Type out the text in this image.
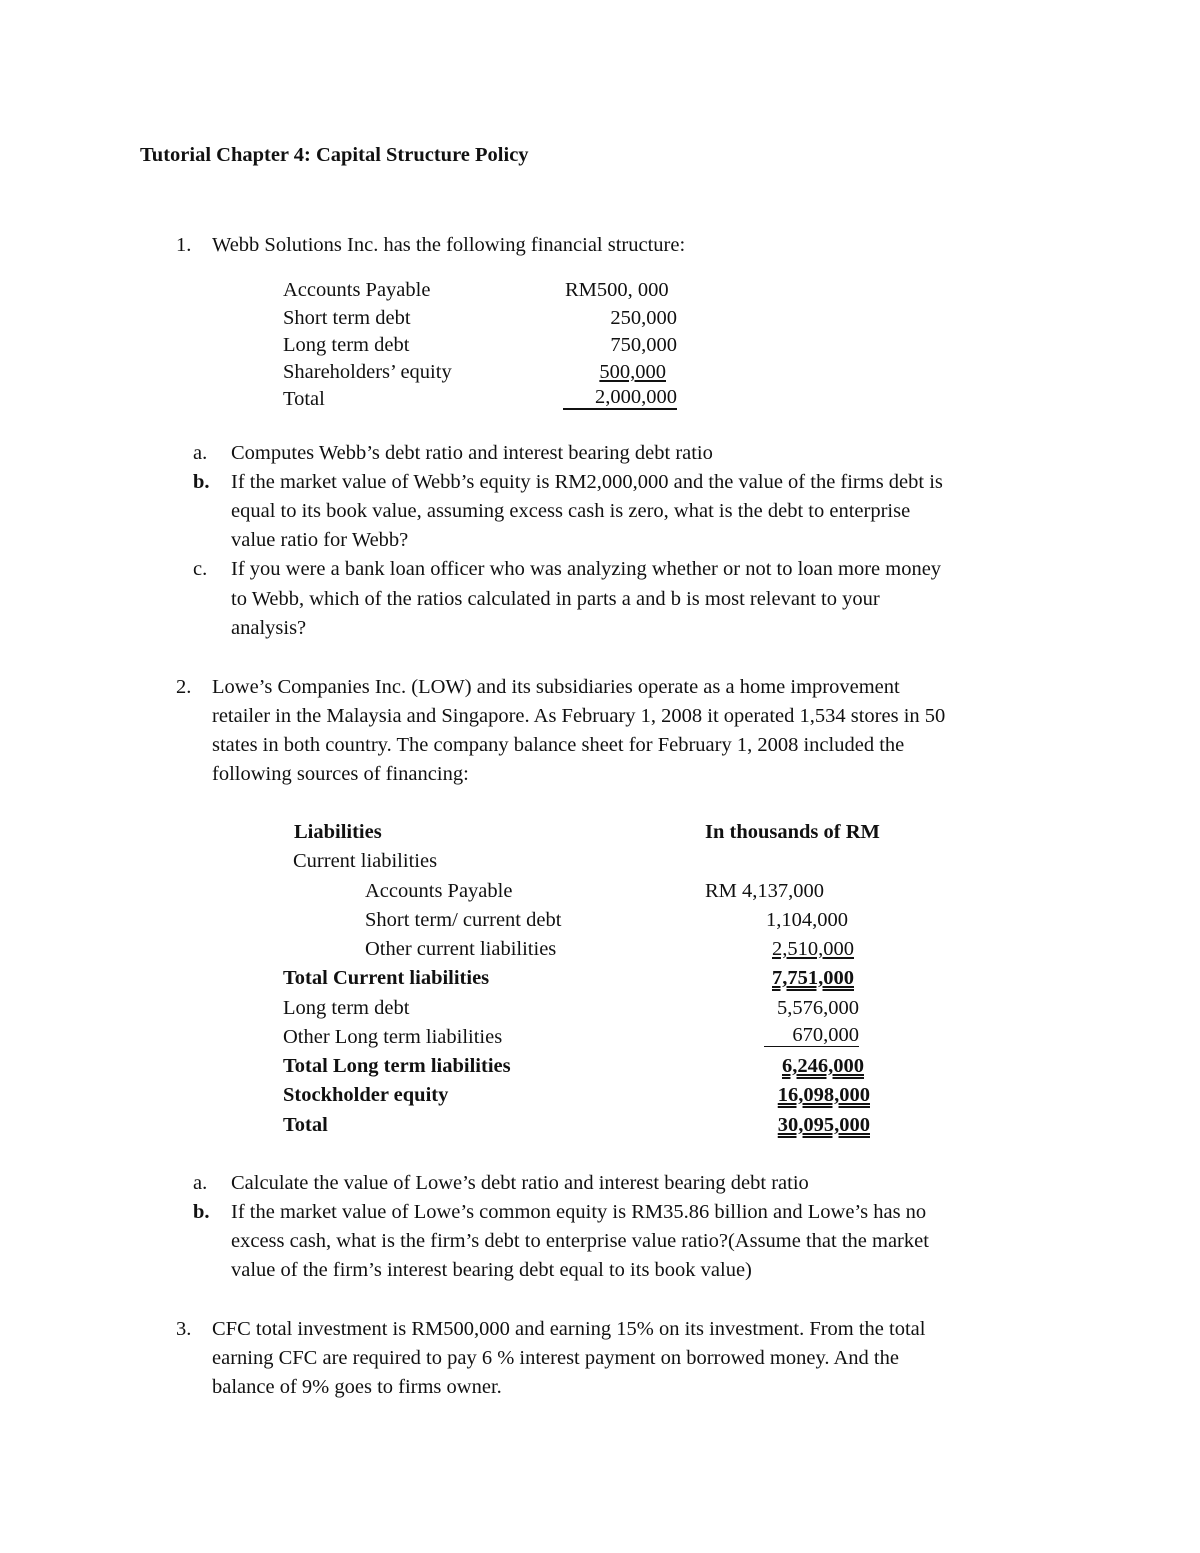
Tutorial Chapter 4: Capital Structure Policy
1. Webb Solutions Inc. has the following financial structure:
Accounts Payable	RM500, 000
Short term debt	250,000
Long term debt	750,000
Shareholders’ equity	500,000
Total	2,000,000
a. Computes Webb’s debt ratio and interest bearing debt ratio
b. If the market value of Webb’s equity is RM2,000,000 and the value of the firms debt is
equal to its book value, assuming excess cash is zero, what is the debt to enterprise
value ratio for Webb?
c. If you were a bank loan officer who was analyzing whether or not to loan more money
to Webb, which of the ratios calculated in parts a and b is most relevant to your
analysis?
2. Lowe’s Companies Inc. (LOW) and its subsidiaries operate as a home improvement
retailer in the Malaysia and Singapore. As February 1, 2008 it operated 1,534 stores in 50
states in both country. The company balance sheet for February 1, 2008 included the
following sources of financing:
Liabilities	In thousands of RM
Current liabilities
Accounts Payable	RM 4,137,000
Short term/ current debt	1,104,000
Other current liabilities	2,510,000
Total Current liabilities	7,751,000
Long term debt	5,576,000
Other Long term liabilities	670,000
Total Long term liabilities	6,246,000
Stockholder equity	16,098,000
Total	30,095,000
a. Calculate the value of Lowe’s debt ratio and interest bearing debt ratio
b. If the market value of Lowe’s common equity is RM35.86 billion and Lowe’s has no
excess cash, what is the firm’s debt to enterprise value ratio?(Assume that the market
value of the firm’s interest bearing debt equal to its book value)
3. CFC total investment is RM500,000 and earning 15% on its investment. From the total
earning CFC are required to pay 6 % interest payment on borrowed money. And the
balance of 9% goes to firms owner.
